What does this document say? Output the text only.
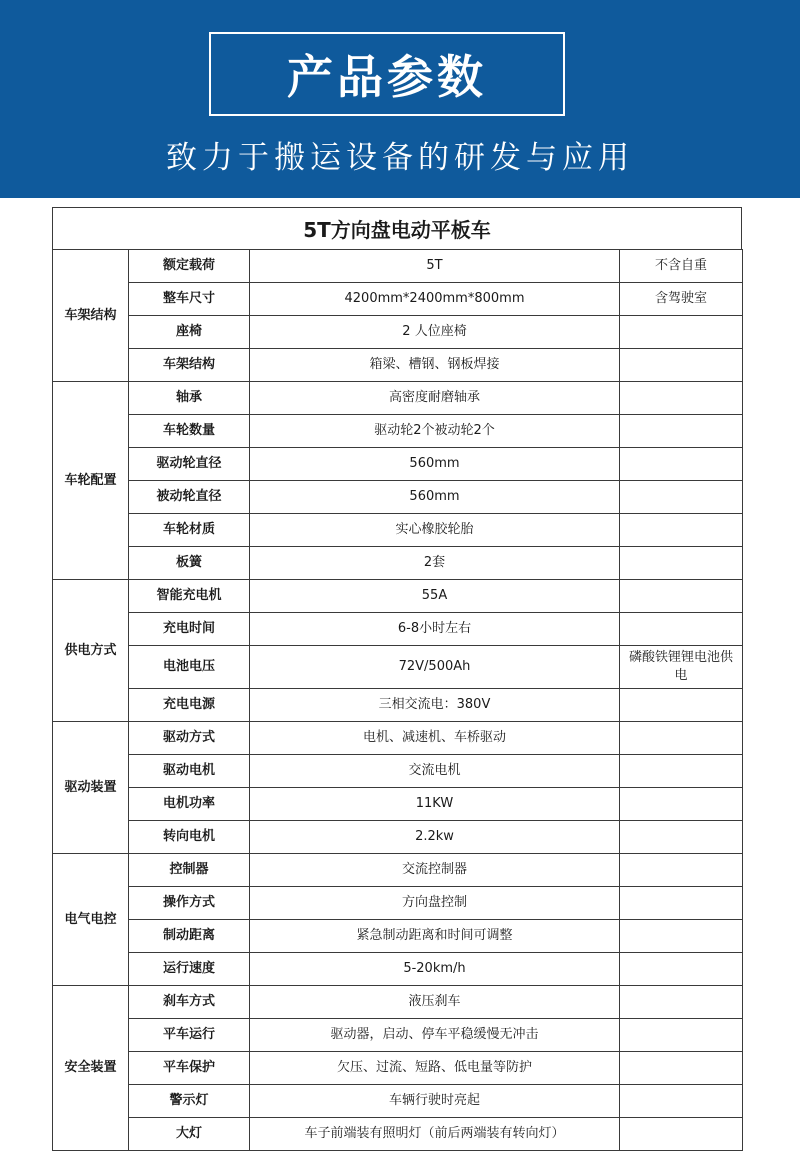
产品参数
致力于搬运设备的研发与应用
5T方向盘电动平板车
车架结构	额定载荷	5T	不含自重
	整车尺寸	4200mm*2400mm*800mm	含驾驶室
	座椅	2 人位座椅	
	车架结构	箱梁、槽钢、钢板焊接	
车轮配置	轴承	高密度耐磨轴承	
	车轮数量	驱动轮2个被动轮2个	
	驱动轮直径	560mm	
	被动轮直径	560mm	
	车轮材质	实心橡胶轮胎	
	板簧	2套	
供电方式	智能充电机	55A	
	充电时间	6-8小时左右	
	电池电压	72V/500Ah	磷酸铁锂锂电池供电
	充电电源	三相交流电：380V	
驱动装置	驱动方式	电机、减速机、车桥驱动	
	驱动电机	交流电机	
	电机功率	11KW	
	转向电机	2.2kw	
电气电控	控制器	交流控制器	
	操作方式	方向盘控制	
	制动距离	紧急制动距离和时间可调整	
	运行速度	5-20km/h	
安全装置	刹车方式	液压刹车	
	平车运行	驱动器，启动、停车平稳缓慢无冲击	
	平车保护	欠压、过流、短路、低电量等防护	
	警示灯	车辆行驶时亮起	
	大灯	车子前端装有照明灯（前后两端装有转向灯）	
